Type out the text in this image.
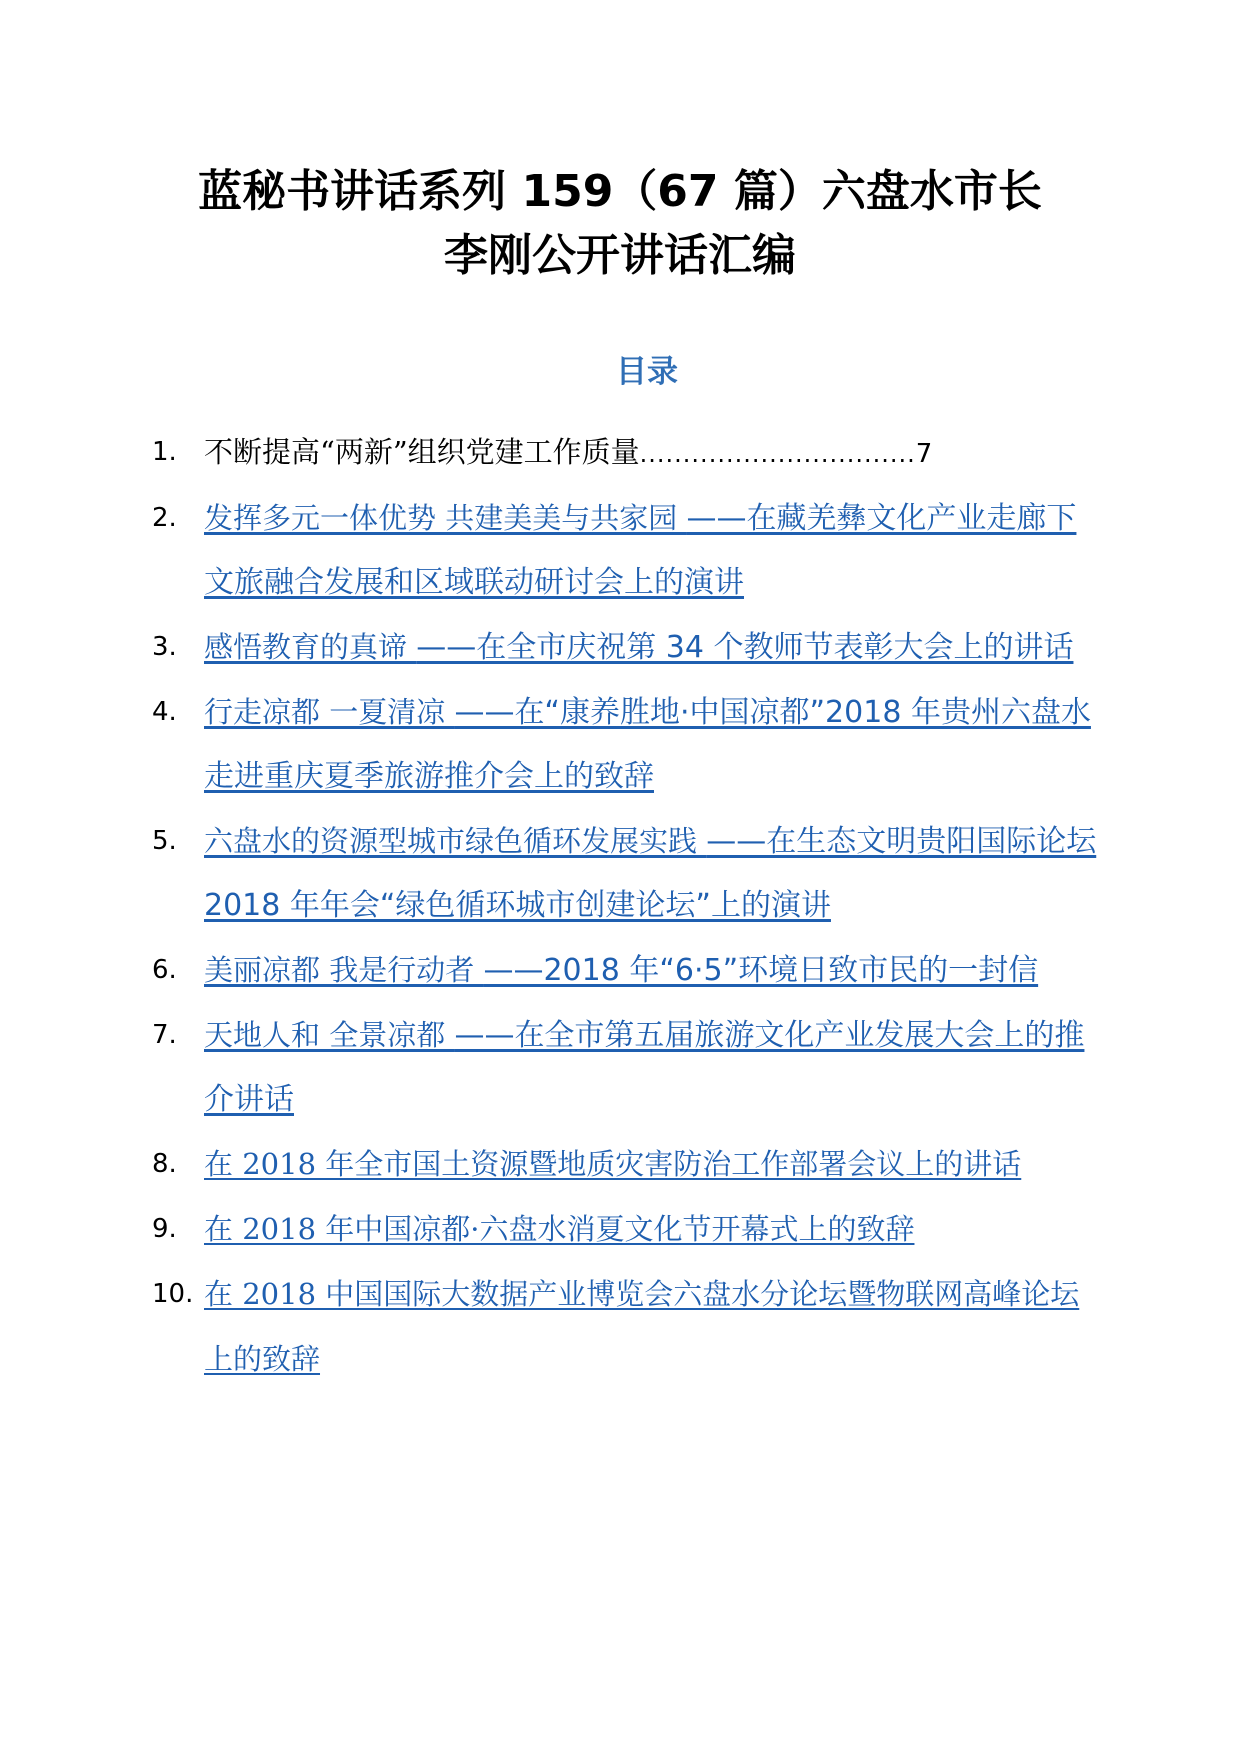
蓝秘书讲话系列 159（67 篇）六盘水市长
李刚公开讲话汇编
目录
1. 不断提高“两新”组织党建工作质量................................7
2. 发挥多元一体优势 共建美美与共家园 ——在藏羌彝文化产业走廊下文旅融合发展和区域联动研讨会上的演讲
3. 感悟教育的真谛 ——在全市庆祝第 34 个教师节表彰大会上的讲话
4. 行走凉都 一夏清凉 ——在“康养胜地·中国凉都”2018 年贵州六盘水走进重庆夏季旅游推介会上的致辞
5. 六盘水的资源型城市绿色循环发展实践 ——在生态文明贵阳国际论坛 2018 年年会“绿色循环城市创建论坛”上的演讲
6. 美丽凉都 我是行动者 ——2018 年“6·5”环境日致市民的一封信
7. 天地人和 全景凉都 ——在全市第五届旅游文化产业发展大会上的推介讲话
8. 在 2018 年全市国土资源暨地质灾害防治工作部署会议上的讲话
9. 在 2018 年中国凉都·六盘水消夏文化节开幕式上的致辞
10. 在 2018 中国国际大数据产业博览会六盘水分论坛暨物联网高峰论坛上的致辞
